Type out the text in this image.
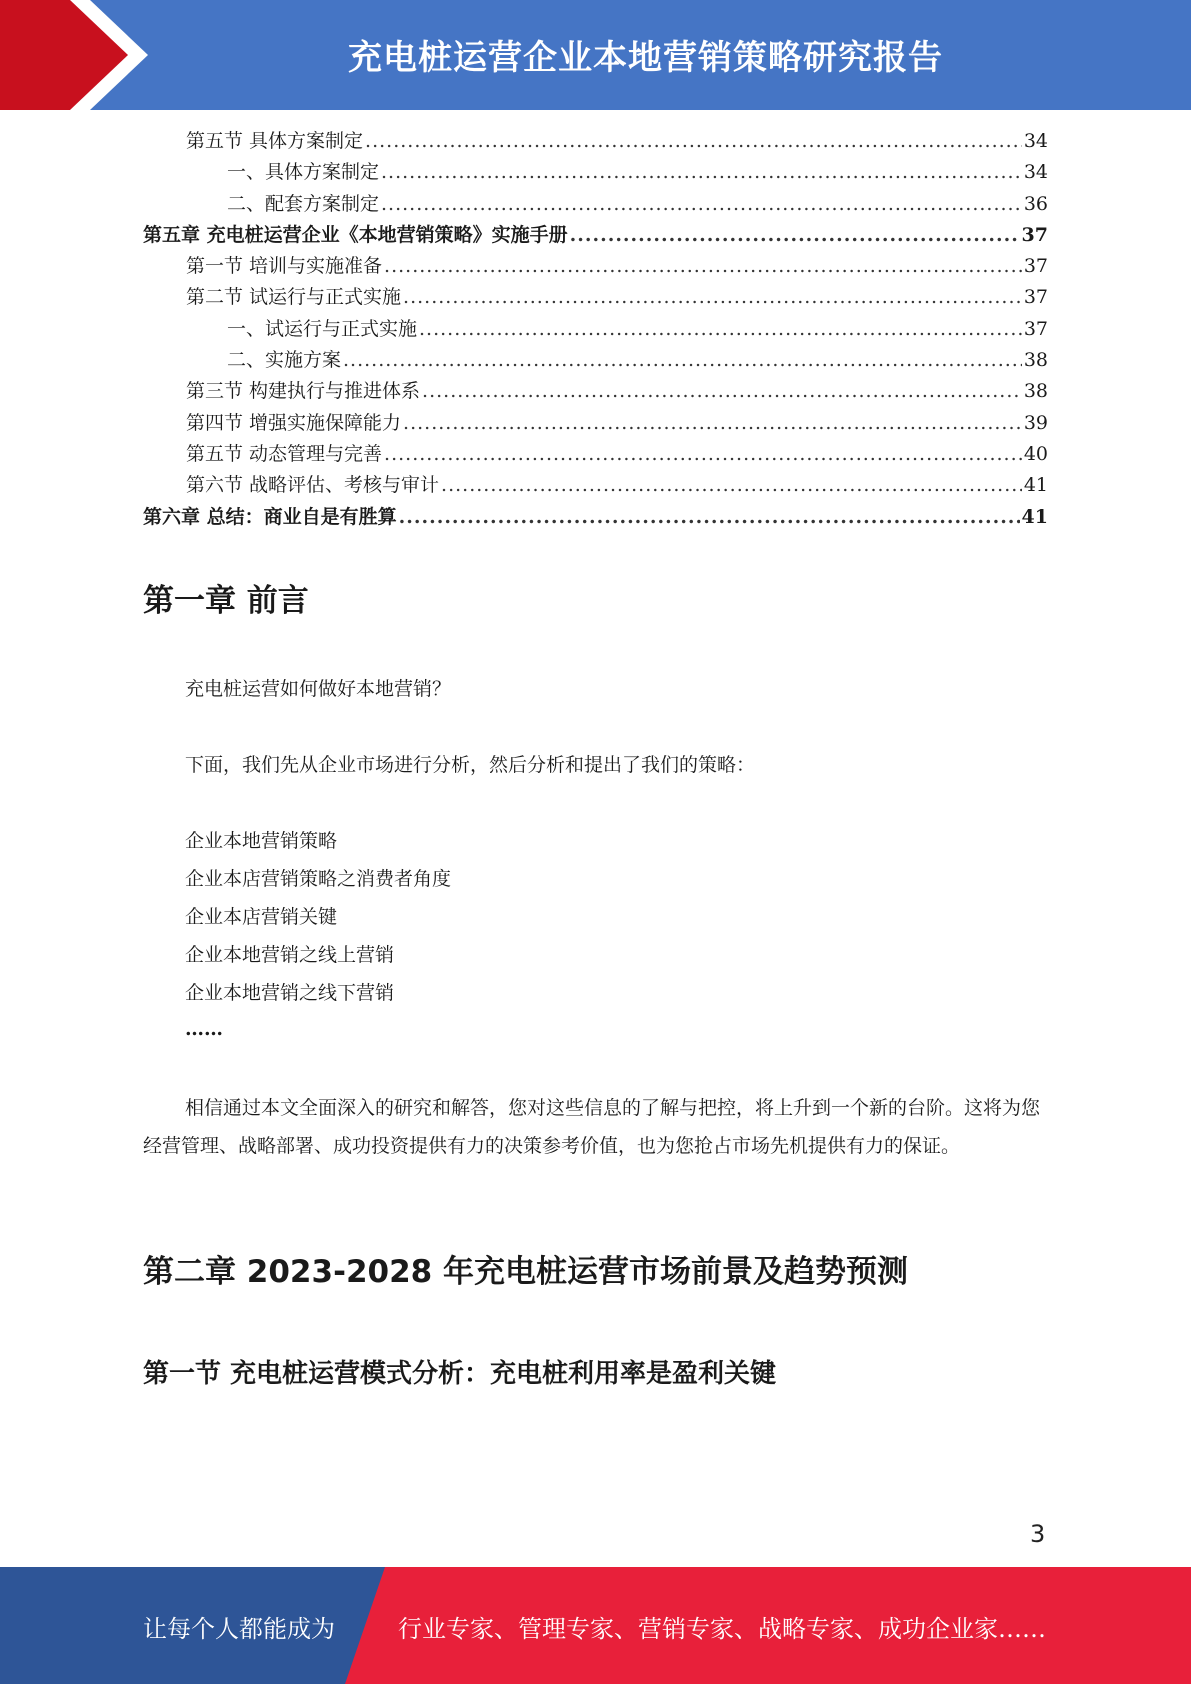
充电桩运营企业本地营销策略研究报告
第五节 具体方案制定 .....	34
一、具体方案制定 .....	34
二、配套方案制定 .....	36
第五章 充电桩运营企业《本地营销策略》实施手册 .....	37
第一节 培训与实施准备 .....	37
第二节 试运行与正式实施 .....	37
一、试运行与正式实施 .....	37
二、实施方案 .....	38
第三节 构建执行与推进体系 .....	38
第四节 增强实施保障能力 .....	39
第五节 动态管理与完善 .....	40
第六节 战略评估、考核与审计 .....	41
第六章 总结：商业自是有胜算 .....	41
第一章 前言

充电桩运营如何做好本地营销？

下面，我们先从企业市场进行分析，然后分析和提出了我们的策略：

企业本地营销策略

企业本店营销策略之消费者角度

企业本店营销关键

企业本地营销之线上营销

企业本地营销之线下营销

……

相信通过本文全面深入的研究和解答，您对这些信息的了解与把控，将上升到一个新的台阶。这将为您经营管理、战略部署、成功投资提供有力的决策参考价值，也为您抢占市场先机提供有力的保证。

第二章 2023-2028 年充电桩运营市场前景及趋势预测
第一节 充电桩运营模式分析：充电桩利用率是盈利关键
3
让每个人都能成为	行业专家、管理专家、营销专家、战略专家、成功企业家……
